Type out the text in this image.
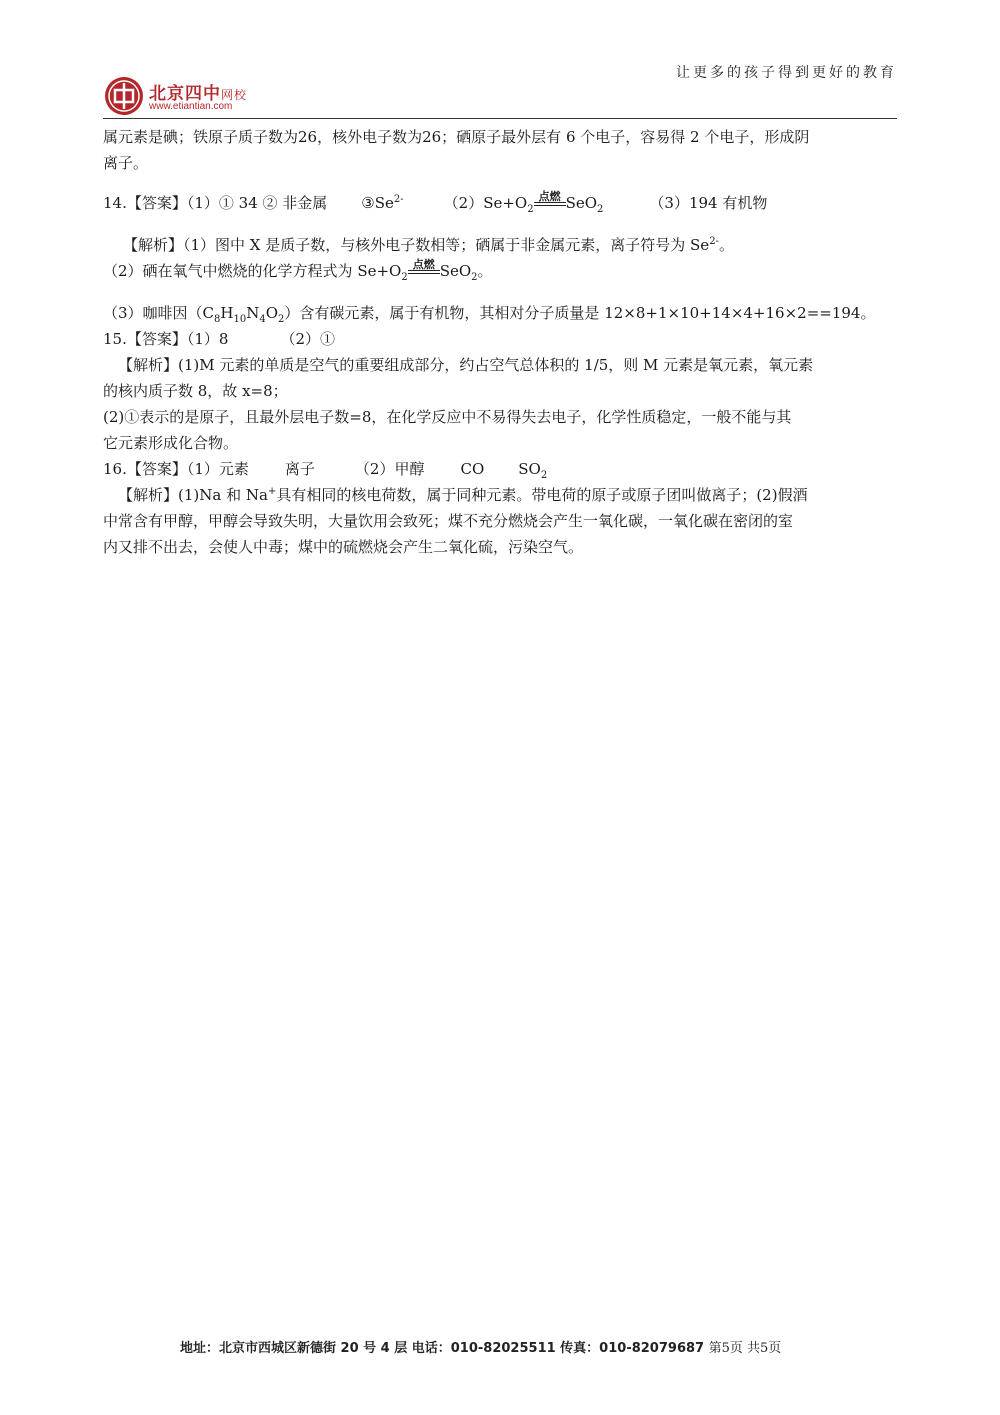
让更多的孩子得到更好的教育
北京四中网校
www.etiantian.com
属元素是碘；铁原子质子数为26，核外电子数为26；硒原子最外层有 6 个电子，容易得 2 个电子，形成阴
离子。
14.【答案】（1）① 34 ② 非金属 $③Se^{2-}$	$(2)Se+O_2$
点燃 SeO$_2$	（3）194 有机物
【解析】（1）图中 X 是质子数，与核外电子数相等；硒属于非金属元素，离子符号为 $Se^{2-}$。
（2）硒在氧气中燃烧的化学方程式为 $Se+O_2$
点燃 SeO$_2$。
（3）咖啡因$(C_8H_{10}N_4O_2)$含有碳元素，属于有机物，其相对分子质量是 12×8+1×10+14×4+16×2==194。
15.【答案】（1）8	（2）①
【解析】(1)M 元素的单质是空气的重要组成部分，约占空气总体积的 1/5，则 M 元素是氧元素，氧元素
的核内质子数 8，故 x=8；
(2)①表示的是原子，且最外层电子数=8，在化学反应中不易得失去电子，化学性质稳定，一般不能与其
它元素形成化合物。
16.【答案】（1）元素 离子	（2）甲醇 CO $SO_2$
【解析】(1)Na 和 Na+具有相同的核电荷数，属于同种元素。带电荷的原子或原子团叫做离子；(2)假酒
中常含有甲醇，甲醇会导致失明，大量饮用会致死；煤不充分燃烧会产生一氧化碳，一氧化碳在密闭的室
内又排不出去，会使人中毒；煤中的硫燃烧会产生二氧化硫，污染空气。
地址：北京市西城区新德街 20 号 4 层 电话：010-82025511 传真：010-82079687 第5页 共5页
